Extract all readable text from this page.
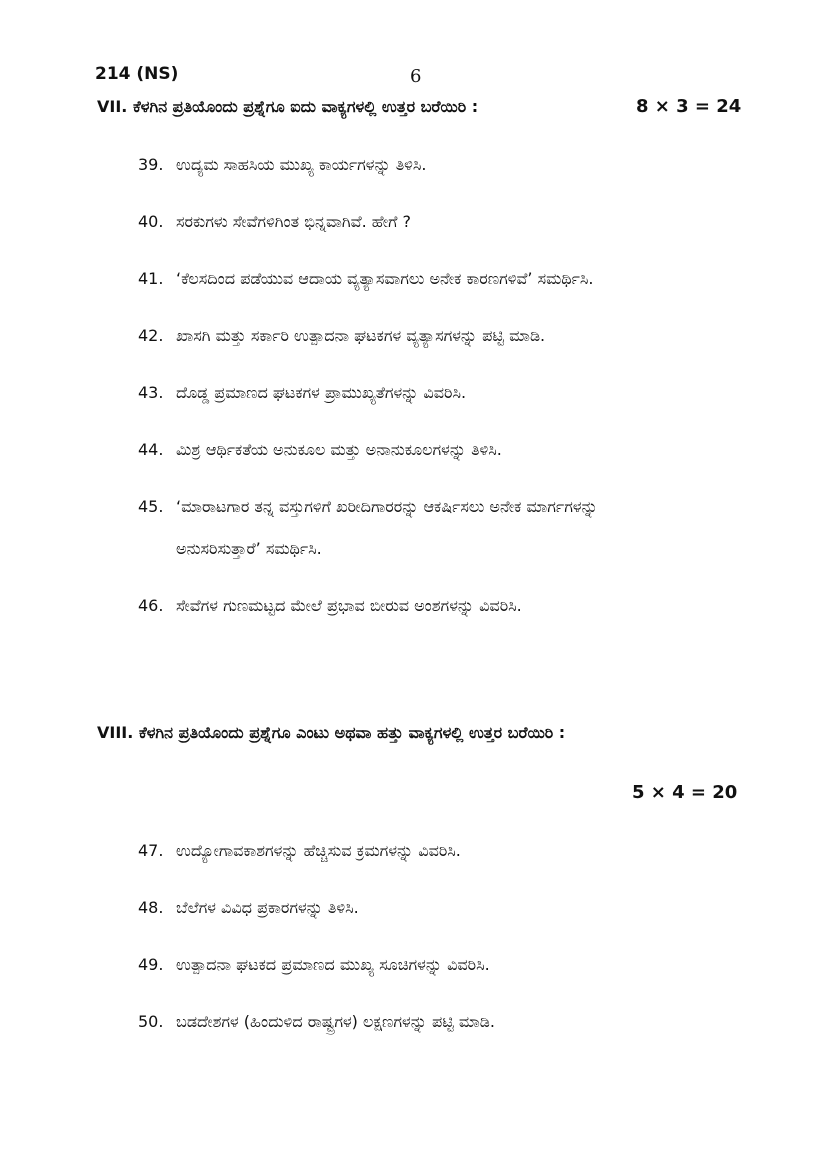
214 (NS)	6
VII. ಕೆಳಗಿನ ಪ್ರತಿಯೊಂದು ಪ್ರಶ್ನೆಗೂ ಐದು ವಾಕ್ಯಗಳಲ್ಲಿ ಉತ್ತರ ಬರೆಯಿರಿ :	8 × 3 = 24
39. ಉದ್ಯಮ ಸಾಹಸಿಯ ಮುಖ್ಯ ಕಾರ್ಯಗಳನ್ನು ತಿಳಿಸಿ.
40. ಸರಕುಗಳು ಸೇವೆಗಳಿಗಿಂತ ಭಿನ್ನವಾಗಿವೆ. ಹೇಗೆ ?
41. ‘ಕೆಲಸದಿಂದ ಪಡೆಯುವ ಆದಾಯ ವ್ಯತ್ಯಾಸವಾಗಲು ಅನೇಕ ಕಾರಣಗಳಿವೆ’ ಸಮರ್ಥಿಸಿ.
42. ಖಾಸಗಿ ಮತ್ತು ಸರ್ಕಾರಿ ಉತ್ಪಾದನಾ ಘಟಕಗಳ ವ್ಯತ್ಯಾಸಗಳನ್ನು ಪಟ್ಟಿ ಮಾಡಿ.
43. ದೊಡ್ಡ ಪ್ರಮಾಣದ ಘಟಕಗಳ ಪ್ರಾಮುಖ್ಯತೆಗಳನ್ನು ವಿವರಿಸಿ.
44. ಮಿಶ್ರ ಆರ್ಥಿಕತೆಯ ಅನುಕೂಲ ಮತ್ತು ಅನಾನುಕೂಲಗಳನ್ನು ತಿಳಿಸಿ.
45. ‘ಮಾರಾಟಗಾರ ತನ್ನ ವಸ್ತುಗಳಿಗೆ ಖರೀದಿಗಾರರನ್ನು ಆಕರ್ಷಿಸಲು ಅನೇಕ ಮಾರ್ಗಗಳನ್ನು
ಅನುಸರಿಸುತ್ತಾರೆ’ ಸಮರ್ಥಿಸಿ.
46. ಸೇವೆಗಳ ಗುಣಮಟ್ಟದ ಮೇಲೆ ಪ್ರಭಾವ ಬೀರುವ ಅಂಶಗಳನ್ನು ವಿವರಿಸಿ.
VIII. ಕೆಳಗಿನ ಪ್ರತಿಯೊಂದು ಪ್ರಶ್ನೆಗೂ ಎಂಟು ಅಥವಾ ಹತ್ತು ವಾಕ್ಯಗಳಲ್ಲಿ ಉತ್ತರ ಬರೆಯಿರಿ :
5 × 4 = 20
47. ಉದ್ಯೋಗಾವಕಾಶಗಳನ್ನು ಹೆಚ್ಚಿಸುವ ಕ್ರಮಗಳನ್ನು ವಿವರಿಸಿ.
48. ಬೆಲೆಗಳ ವಿವಿಧ ಪ್ರಕಾರಗಳನ್ನು ತಿಳಿಸಿ.
49. ಉತ್ಪಾದನಾ ಘಟಕದ ಪ್ರಮಾಣದ ಮುಖ್ಯ ಸೂಚಿಗಳನ್ನು ವಿವರಿಸಿ.
50. ಬಡದೇಶಗಳ (ಹಿಂದುಳಿದ ರಾಷ್ಟ್ರಗಳ) ಲಕ್ಷಣಗಳನ್ನು ಪಟ್ಟಿ ಮಾಡಿ.
